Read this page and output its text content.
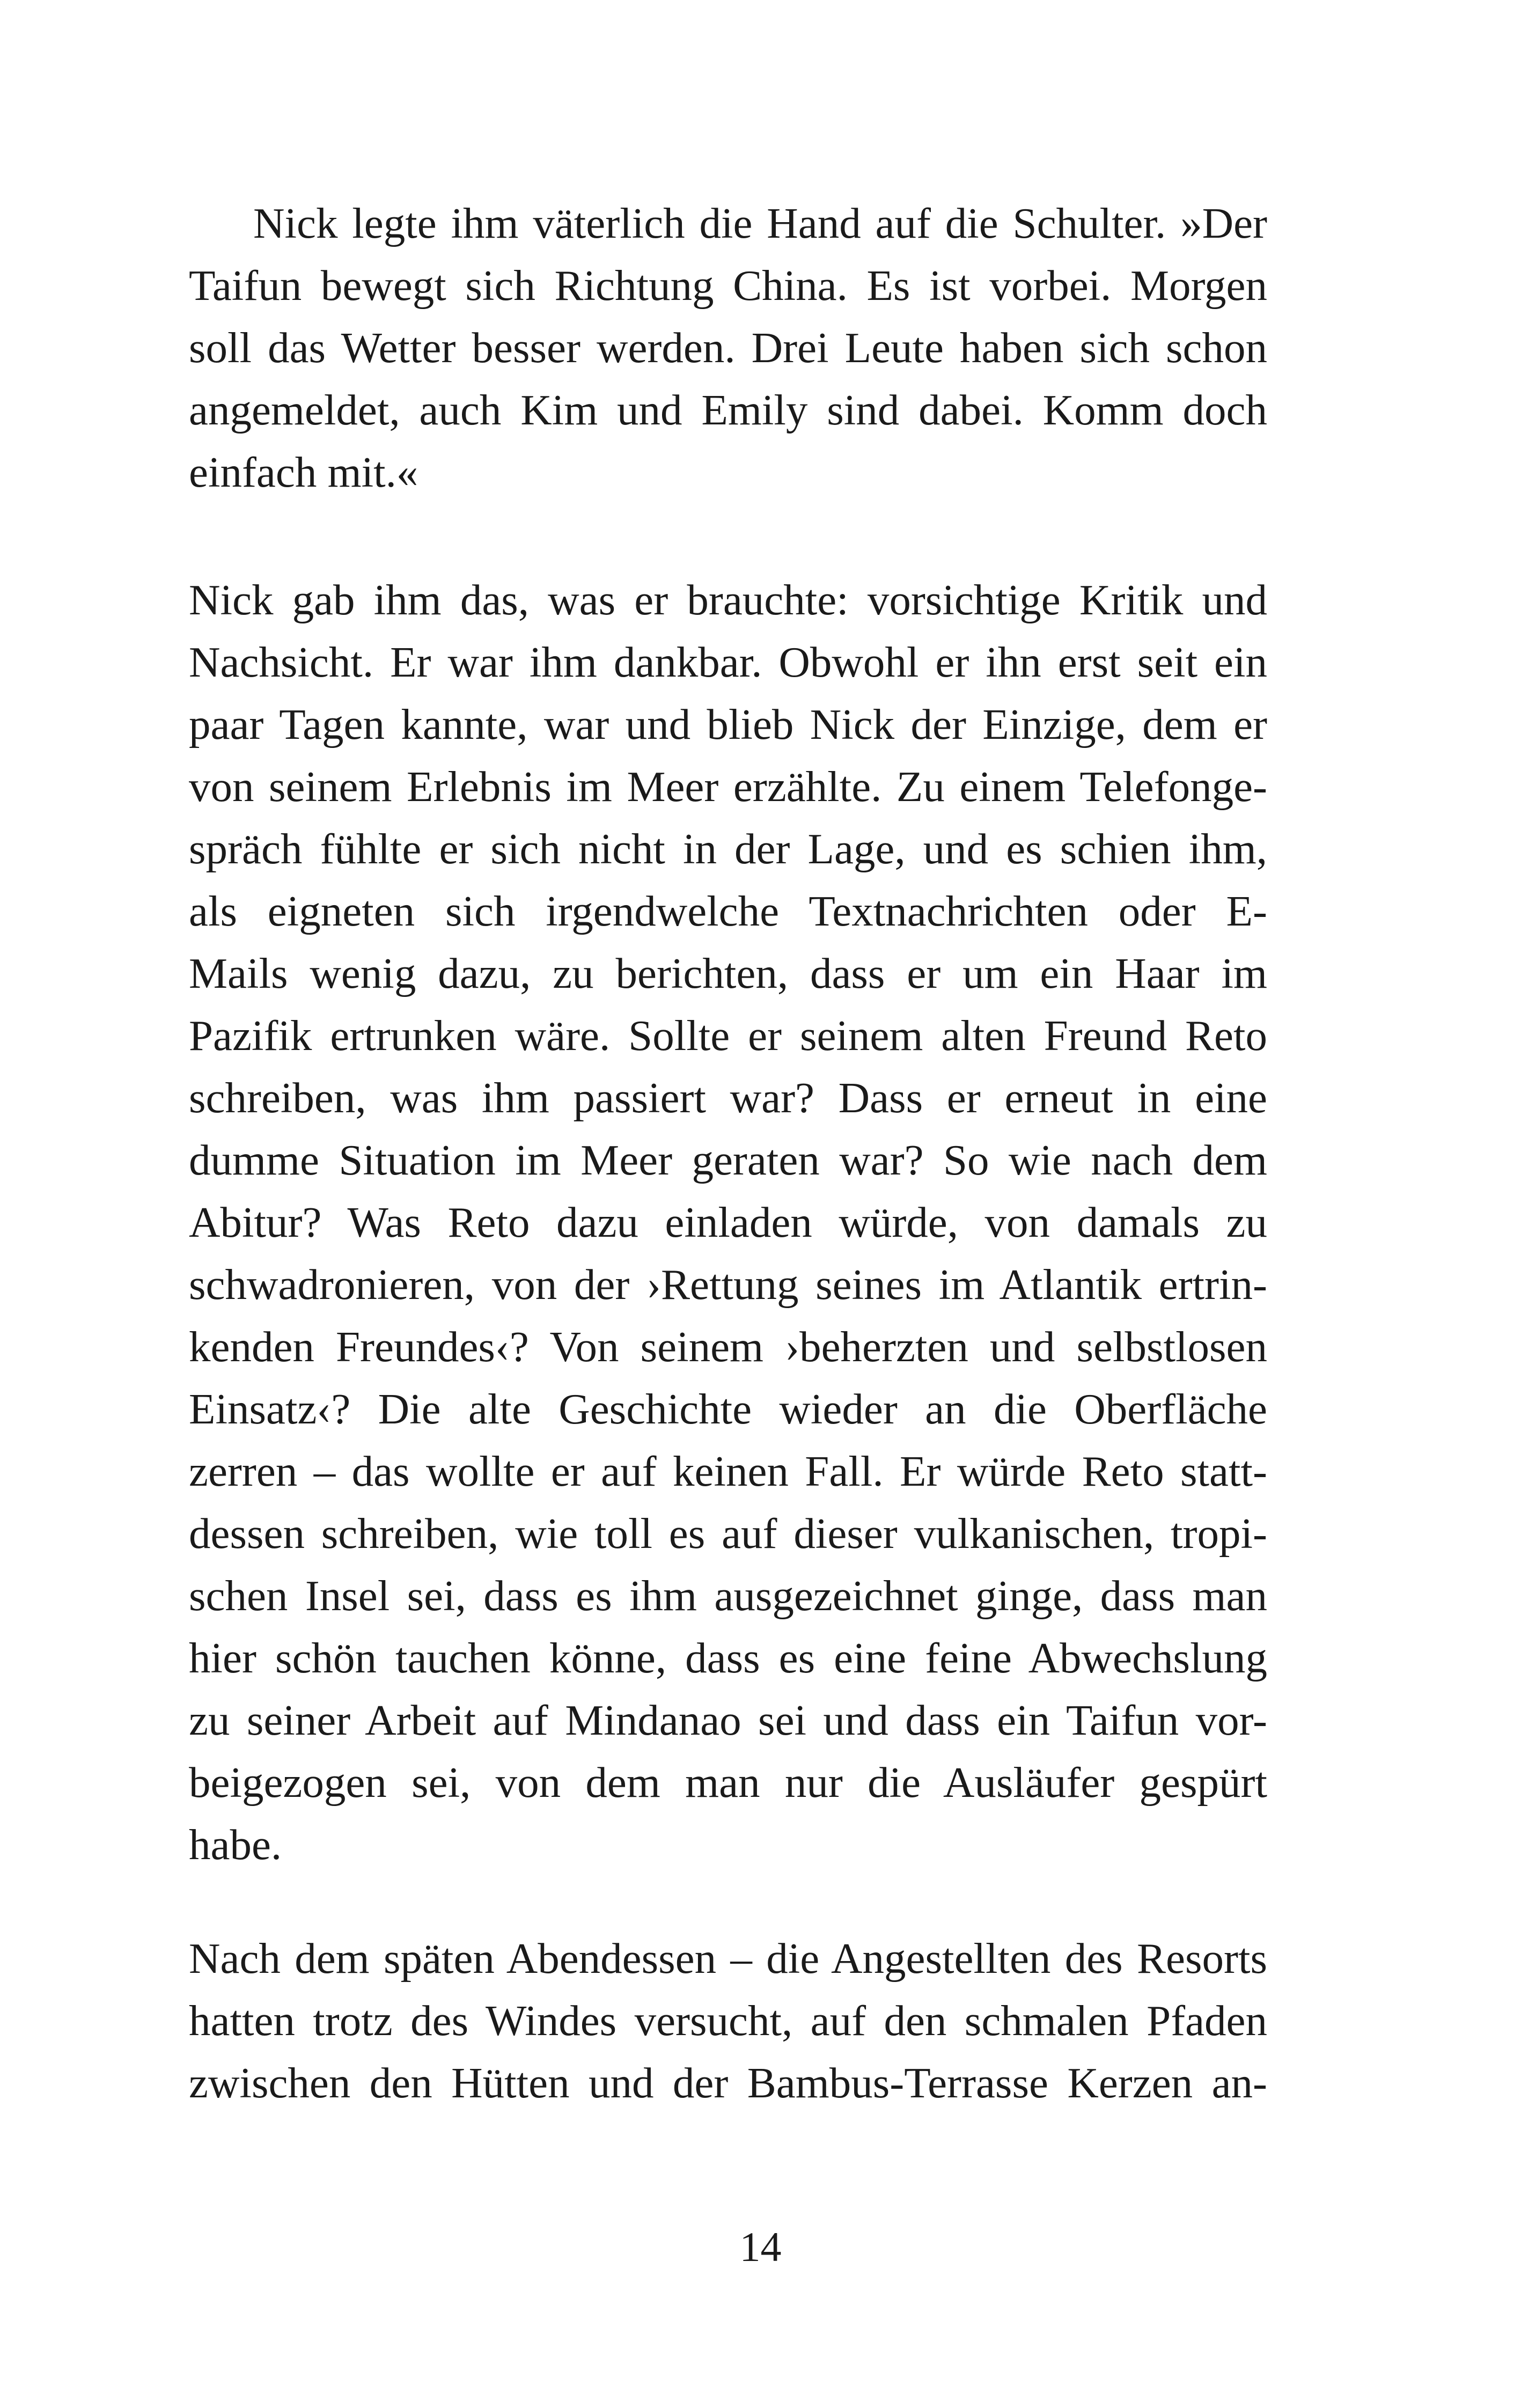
Nick legte ihm väterlich die Hand auf die Schulter. »Der
Taifun bewegt sich Richtung China. Es ist vorbei. Morgen
soll das Wetter besser werden. Drei Leute haben sich schon
angemeldet, auch Kim und Emily sind dabei. Komm doch
einfach mit.«
Nick gab ihm das, was er brauchte: vorsichtige Kritik und
Nachsicht. Er war ihm dankbar. Obwohl er ihn erst seit ein
paar Tagen kannte, war und blieb Nick der Einzige, dem er
von seinem Erlebnis im Meer erzählte. Zu einem Telefonge-
spräch fühlte er sich nicht in der Lage, und es schien ihm,
als eigneten sich irgendwelche Textnachrichten oder E-
Mails wenig dazu, zu berichten, dass er um ein Haar im
Pazifik ertrunken wäre. Sollte er seinem alten Freund Reto
schreiben, was ihm passiert war? Dass er erneut in eine
dumme Situation im Meer geraten war? So wie nach dem
Abitur? Was Reto dazu einladen würde, von damals zu
schwadronieren, von der ›Rettung seines im Atlantik ertrin-
kenden Freundes‹? Von seinem ›beherzten und selbstlosen
Einsatz‹? Die alte Geschichte wieder an die Oberfläche
zerren – das wollte er auf keinen Fall. Er würde Reto statt-
dessen schreiben, wie toll es auf dieser vulkanischen, tropi-
schen Insel sei, dass es ihm ausgezeichnet ginge, dass man
hier schön tauchen könne, dass es eine feine Abwechslung
zu seiner Arbeit auf Mindanao sei und dass ein Taifun vor-
beigezogen sei, von dem man nur die Ausläufer gespürt
habe.
Nach dem späten Abendessen – die Angestellten des Resorts
hatten trotz des Windes versucht, auf den schmalen Pfaden
zwischen den Hütten und der Bambus-Terrasse Kerzen an-
14
